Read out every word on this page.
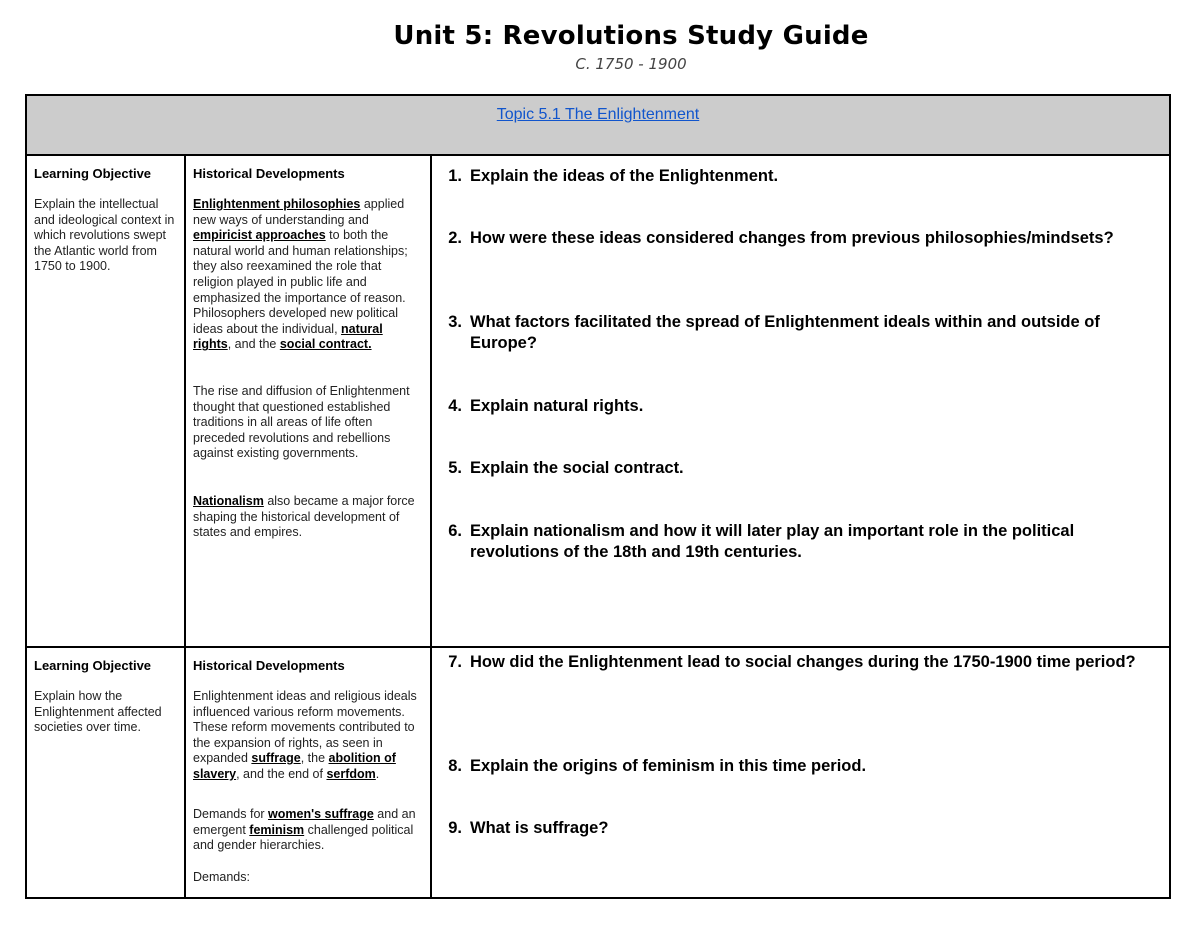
Unit 5: Revolutions Study Guide
C. 1750 - 1900
Topic 5.1 The Enlightenment
Learning Objective
Explain the intellectual and ideological context in which revolutions swept the Atlantic world from 1750 to 1900.
Historical Developments
Enlightenment philosophies applied new ways of understanding and empiricist approaches to both the natural world and human relationships; they also reexamined the role that religion played in public life and emphasized the importance of reason. Philosophers developed new political ideas about the individual, natural rights, and the social contract.
The rise and diffusion of Enlightenment thought that questioned established traditions in all areas of life often preceded revolutions and rebellions against existing governments.
Nationalism also became a major force shaping the historical development of states and empires.
1. Explain the ideas of the Enlightenment.
2. How were these ideas considered changes from previous philosophies/mindsets?
3. What factors facilitated the spread of Enlightenment ideals within and outside of Europe?
4. Explain natural rights.
5. Explain the social contract.
6. Explain nationalism and how it will later play an important role in the political revolutions of the 18th and 19th centuries.
Learning Objective
Explain how the Enlightenment affected societies over time.
Historical Developments
Enlightenment ideas and religious ideals influenced various reform movements. These reform movements contributed to the expansion of rights, as seen in expanded suffrage, the abolition of slavery, and the end of serfdom.
Demands for women's suffrage and an emergent feminism challenged political and gender hierarchies.
Demands:
7. How did the Enlightenment lead to social changes during the 1750-1900 time period?
8. Explain the origins of feminism in this time period.
9. What is suffrage?
